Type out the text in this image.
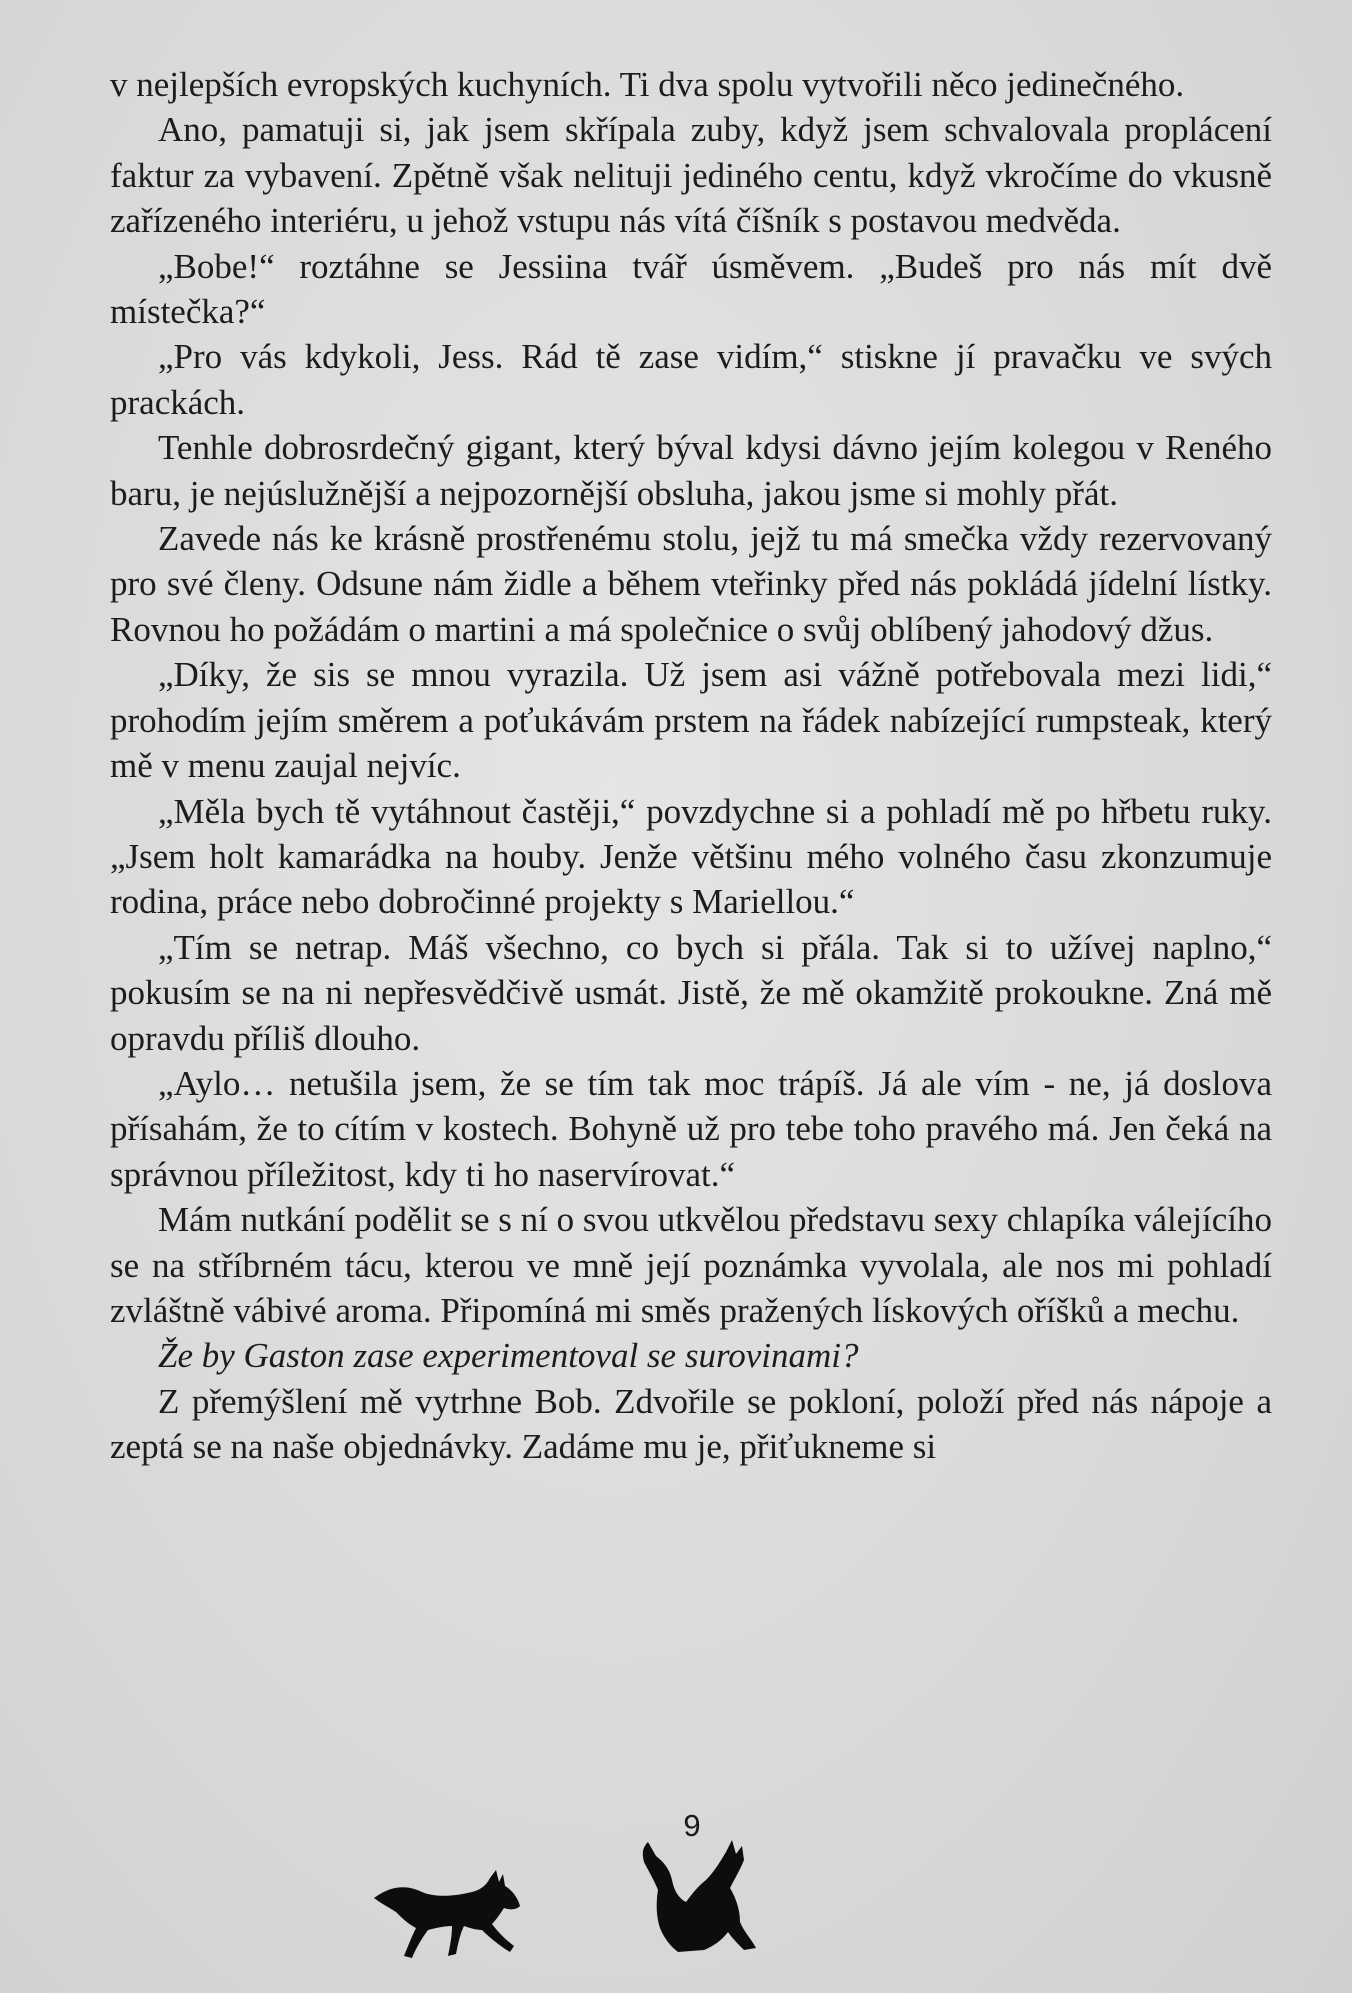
v nejlepších evropských kuchyních. Ti dva spolu vytvořili něco jedinečného.

Ano, pamatuji si, jak jsem skřípala zuby, když jsem schvalovala proplácení faktur za vybavení. Zpětně však nelituji jediného centu, když vkročíme do vkusně zařízeného interiéru, u jehož vstupu nás vítá číšník s postavou medvěda.

„Bobe!“ roztáhne se Jessiina tvář úsměvem. „Budeš pro nás mít dvě místečka?“

„Pro vás kdykoli, Jess. Rád tě zase vidím,“ stiskne jí pravačku ve svých prackách.

Tenhle dobrosrdečný gigant, který býval kdysi dávno jejím kolegou v Reného baru, je nejúslužnější a nejpozornější obsluha, jakou jsme si mohly přát.

Zavede nás ke krásně prostřenému stolu, jejž tu má smečka vždy rezervovaný pro své členy. Odsune nám židle a během vteřinky před nás pokládá jídelní lístky. Rovnou ho požádám o martini a má společnice o svůj oblíbený jahodový džus.

„Díky, že sis se mnou vyrazila. Už jsem asi vážně potřebovala mezi lidi,“ prohodím jejím směrem a poťukávám prstem na řádek nabízející rumpsteak, který mě v menu zaujal nejvíc.

„Měla bych tě vytáhnout častěji,“ povzdychne si a pohladí mě po hřbetu ruky. „Jsem holt kamarádka na houby. Jenže většinu mého volného času zkonzumuje rodina, práce nebo dobročinné projekty s Mariellou.“

„Tím se netrap. Máš všechno, co bych si přála. Tak si to užívej naplno,“ pokusím se na ni nepřesvědčivě usmát. Jistě, že mě okamžitě prokoukne. Zná mě opravdu příliš dlouho.

„Aylo… netušila jsem, že se tím tak moc trápíš. Já ale vím - ne, já doslova přísahám, že to cítím v kostech. Bohyně už pro tebe toho pravého má. Jen čeká na správnou příležitost, kdy ti ho naservírovat.“

Mám nutkání podělit se s ní o svou utkvělou představu sexy chlapíka válejícího se na stříbrném tácu, kterou ve mně její poznámka vyvolala, ale nos mi pohladí zvláštně vábivé aroma. Připomíná mi směs pražených lískových oříšků a mechu.

Že by Gaston zase experimentoval se surovinami?

Z přemýšlení mě vytrhne Bob. Zdvořile se pokloní, položí před nás nápoje a zeptá se na naše objednávky. Zadáme mu je, přiťukneme si

9
